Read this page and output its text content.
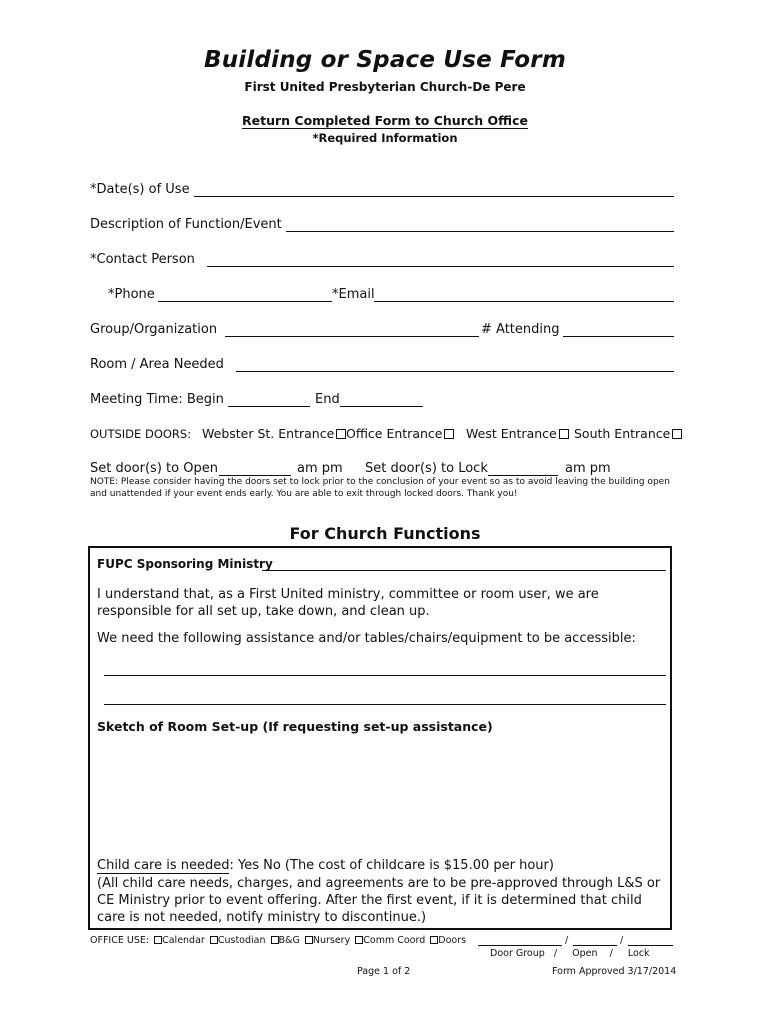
Building or Space Use Form
First United Presbyterian Church-De Pere
Return Completed Form to Church Office
*Required Information
*Date(s) of Use
Description of Function/Event
*Contact Person
*Phone	*Email
Group/Organization	# Attending
Room / Area Needed
Meeting Time: Begin	End
OUTSIDE DOORS: Webster St. Entrance Office Entrance	West Entrance	South Entrance
Set door(s) to Open	am pm Set door(s) to Lock	am pm
NOTE: Please consider having the doors set to lock prior to the conclusion of your event so as to avoid leaving the building open and unattended if your event ends early. You are able to exit through locked doors. Thank you!
For Church Functions
FUPC Sponsoring Ministry
I understand that, as a First United ministry, committee or room user, we are responsible for all set up, take down, and clean up.
We need the following assistance and/or tables/chairs/equipment to be accessible:
Sketch of Room Set-up (If requesting set-up assistance)
Child care is needed: Yes No (The cost of childcare is $15.00 per hour)
(All child care needs, charges, and agreements are to be pre-approved through L&S or CE Ministry prior to event offering. After the first event, if it is determined that child care is not needed, notify ministry to discontinue.)
OFFICE USE: Calendar Custodian B&G Nursery Comm Coord Doors	/	/
Door Group   /     Open    /     Lock
Page 1 of 2	Form Approved 3/17/2014
